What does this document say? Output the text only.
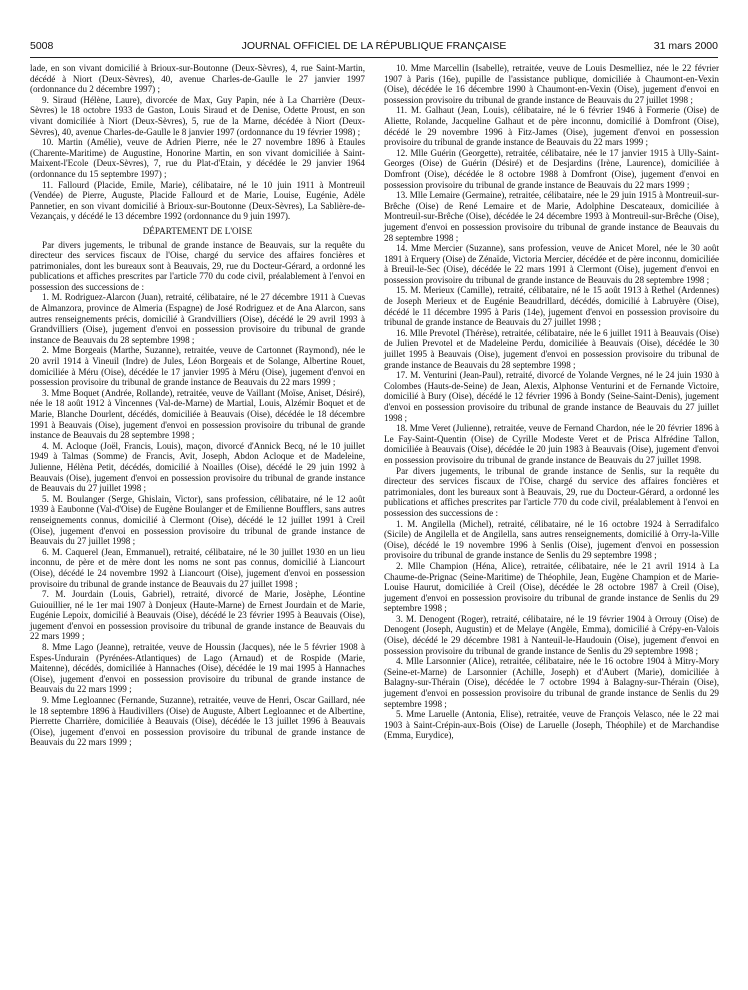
5008	JOURNAL OFFICIEL DE LA RÉPUBLIQUE FRANÇAISE	31 mars 2000

lade, en son vivant domicilié à Brioux-sur-Boutonne (Deux-Sèvres), 4, rue Saint-Martin, décédé à Niort (Deux-Sèvres), 40, avenue Charles-de-Gaulle le 27 janvier 1997 (ordonnance du 2 décembre 1997) ;

9. Siraud (Hélène, Laure), divorcée de Max, Guy Papin, née à La Charrière (Deux-Sèvres) le 18 octobre 1933 de Gaston, Louis Siraud et de Denise, Odette Proust, en son vivant domiciliée à Niort (Deux-Sèvres), 5, rue de la Marne, décédée à Niort (Deux-Sèvres), 40, avenue Charles-de-Gaulle le 8 janvier 1997 (ordonnance du 19 février 1998) ;

10. Martin (Amélie), veuve de Adrien Pierre, née le 27 novembre 1896 à Etaules (Charente-Maritime) de Augustine, Honorine Martin, en son vivant domiciliée à Saint-Maixent-l'Ecole (Deux-Sèvres), 7, rue du Plat-d'Etain, y décédée le 29 janvier 1964 (ordonnance du 15 septembre 1997) ;

11. Fallourd (Placide, Emile, Marie), célibataire, né le 10 juin 1911 à Montreuil (Vendée) de Pierre, Auguste, Placide Fallourd et de Marie, Louise, Eugénie, Adèle Pannetier, en son vivant domicilié à Brioux-sur-Boutonne (Deux-Sèvres), La Sablière-de-Vezançais, y décédé le 13 décembre 1992 (ordonnance du 9 juin 1997).

DÉPARTEMENT DE L'OISE

Par divers jugements, le tribunal de grande instance de Beauvais, sur la requête du directeur des services fiscaux de l'Oise, chargé du service des affaires foncières et patrimoniales, dont les bureaux sont à Beauvais, 29, rue du Docteur-Gérard, a ordonné les publications et affiches prescrites par l'article 770 du code civil, préalablement à l'envoi en possession des successions de :

1. M. Rodriguez-Alarcon (Juan), retraité, célibataire, né le 27 décembre 1911 à Cuevas de Almanzora, province de Almeria (Espagne) de José Rodriguez et de Ana Alarcon, sans autres renseignements précis, domicilié à Grandvilliers (Oise), décédé le 29 avril 1993 à Grandvilliers (Oise), jugement d'envoi en possession provisoire du tribunal de grande instance de Beauvais du 28 septembre 1998 ;

2. Mme Borgeais (Marthe, Suzanne), retraitée, veuve de Cartonnet (Raymond), née le 20 avril 1914 à Vineuil (Indre) de Jules, Léon Borgeais et de Solange, Albertine Rouet, domiciliée à Méru (Oise), décédée le 17 janvier 1995 à Méru (Oise), jugement d'envoi en possession provisoire du tribunal de grande instance de Beauvais du 22 mars 1999 ;

3. Mme Boquet (Andrée, Rollande), retraitée, veuve de Vaillant (Moïse, Aniset, Désiré), née le 18 août 1912 à Vincennes (Val-de-Marne) de Martial, Louis, Alzémir Boquet et de Marie, Blanche Dourlent, décédés, domiciliée à Beauvais (Oise), décédée le 18 décembre 1991 à Beauvais (Oise), jugement d'envoi en possession provisoire du tribunal de grande instance de Beauvais du 28 septembre 1998 ;

4. M. Acloque (Joël, Francis, Louis), maçon, divorcé d'Annick Becq, né le 10 juillet 1949 à Talmas (Somme) de Francis, Avit, Joseph, Abdon Acloque et de Madeleine, Julienne, Hélèna Petit, décédés, domicilié à Noailles (Oise), décédé le 29 juin 1992 à Beauvais (Oise), jugement d'envoi en possession provisoire du tribunal de grande instance de Beauvais du 27 juillet 1998 ;

5. M. Boulanger (Serge, Ghislain, Victor), sans profession, célibataire, né le 12 août 1939 à Eaubonne (Val-d'Oise) de Eugène Boulanger et de Emilienne Boufflers, sans autres renseignements connus, domicilié à Clermont (Oise), décédé le 12 juillet 1991 à Creil (Oise), jugement d'envoi en possession provisoire du tribunal de grande instance de Beauvais du 27 juillet 1998 ;

6. M. Caquerel (Jean, Emmanuel), retraité, célibataire, né le 30 juillet 1930 en un lieu inconnu, de père et de mère dont les noms ne sont pas connus, domicilié à Liancourt (Oise), décédé le 24 novembre 1992 à Liancourt (Oise), jugement d'envoi en possession provisoire du tribunal de grande instance de Beauvais du 27 juillet 1998 ;

7. M. Jourdain (Louis, Gabriel), retraité, divorcé de Marie, Josèphe, Léontine Guiouillier, né le 1er mai 1907 à Donjeux (Haute-Marne) de Ernest Jourdain et de Marie, Eugénie Lepoix, domicilié à Beauvais (Oise), décédé le 23 février 1995 à Beauvais (Oise), jugement d'envoi en possession provisoire du tribunal de grande instance de Beauvais du 22 mars 1999 ;

8. Mme Lago (Jeanne), retraitée, veuve de Houssin (Jacques), née le 5 février 1908 à Espes-Undurain (Pyrénées-Atlantiques) de Lago (Arnaud) et de Rospide (Marie, Maitenne), décédés, domiciliée à Hannaches (Oise), décédée le 19 mai 1995 à Hannaches (Oise), jugement d'envoi en possession provisoire du tribunal de grande instance de Beauvais du 22 mars 1999 ;

9. Mme Legloannec (Fernande, Suzanne), retraitée, veuve de Henri, Oscar Gaillard, née le 18 septembre 1896 à Haudivillers (Oise) de Auguste, Albert Legloannec et de Albertine, Pierrette Charrière, domiciliée à Beauvais (Oise), décédée le 13 juillet 1996 à Beauvais (Oise), jugement d'envoi en possession provisoire du tribunal de grande instance de Beauvais du 22 mars 1999 ;

10. Mme Marcellin (Isabelle), retraitée, veuve de Louis Desmelliez, née le 22 février 1907 à Paris (16e), pupille de l'assistance publique, domiciliée à Chaumont-en-Vexin (Oise), décédée le 16 décembre 1990 à Chaumont-en-Vexin (Oise), jugement d'envoi en possession provisoire du tribunal de grande instance de Beauvais du 27 juillet 1998 ;

11. M. Galhaut (Jean, Louis), célibataire, né le 6 février 1946 à Formerie (Oise) de Aliette, Rolande, Jacqueline Galhaut et de père inconnu, domicilié à Domfront (Oise), décédé le 29 novembre 1996 à Fitz-James (Oise), jugement d'envoi en possession provisoire du tribunal de grande instance de Beauvais du 22 mars 1999 ;

12. Mlle Guérin (Georgette), retraitée, célibataire, née le 17 janvier 1915 à Ully-Saint-Georges (Oise) de Guérin (Désiré) et de Desjardins (Irène, Laurence), domiciliée à Domfront (Oise), décédée le 8 octobre 1988 à Domfront (Oise), jugement d'envoi en possession provisoire du tribunal de grande instance de Beauvais du 22 mars 1999 ;

13. Mlle Lemaire (Germaine), retraitée, célibataire, née le 29 juin 1915 à Montreuil-sur-Brêche (Oise) de René Lemaire et de Marie, Adolphine Descateaux, domiciliée à Montreuil-sur-Brêche (Oise), décédée le 24 décembre 1993 à Montreuil-sur-Brêche (Oise), jugement d'envoi en possession provisoire du tribunal de grande instance de Beauvais du 28 septembre 1998 ;

14. Mme Mercier (Suzanne), sans profession, veuve de Anicet Morel, née le 30 août 1891 à Erquery (Oise) de Zénaïde, Victoria Mercier, décédée et de père inconnu, domiciliée à Breuil-le-Sec (Oise), décédée le 22 mars 1991 à Clermont (Oise), jugement d'envoi en possession provisoire du tribunal de grande instance de Beauvais du 28 septembre 1998 ;

15. M. Merieux (Camille), retraité, célibataire, né le 15 août 1913 à Rethel (Ardennes) de Joseph Merieux et de Eugénie Beaudrillard, décédés, domicilié à Labruyère (Oise), décédé le 11 décembre 1995 à Paris (14e), jugement d'envoi en possession provisoire du tribunal de grande instance de Beauvais du 27 juillet 1998 ;

16. Mlle Prevotel (Thérèse), retraitée, célibataire, née le 6 juillet 1911 à Beauvais (Oise) de Julien Prevotel et de Madeleine Perdu, domiciliée à Beauvais (Oise), décédée le 30 juillet 1995 à Beauvais (Oise), jugement d'envoi en possession provisoire du tribunal de grande instance de Beauvais du 28 septembre 1998 ;

17. M. Venturini (Jean-Paul), retraité, divorcé de Yolande Vergnes, né le 24 juin 1930 à Colombes (Hauts-de-Seine) de Jean, Alexis, Alphonse Venturini et de Fernande Victoire, domicilié à Bury (Oise), décédé le 12 février 1996 à Bondy (Seine-Saint-Denis), jugement d'envoi en possession provisoire du tribunal de grande instance de Beauvais du 27 juillet 1998 ;

18. Mme Veret (Julienne), retraitée, veuve de Fernand Chardon, née le 20 février 1896 à Le Fay-Saint-Quentin (Oise) de Cyrille Modeste Veret et de Prisca Alfrédine Tallon, domiciliée à Beauvais (Oise), décédée le 20 juin 1983 à Beauvais (Oise), jugement d'envoi en possession provisoire du tribunal de grande instance de Beauvais du 27 juillet 1998.

Par divers jugements, le tribunal de grande instance de Senlis, sur la requête du directeur des services fiscaux de l'Oise, chargé du service des affaires foncières et patrimoniales, dont les bureaux sont à Beauvais, 29, rue du Docteur-Gérard, a ordonné les publications et affiches prescrites par l'article 770 du code civil, préalablement à l'envoi en possession des successions de :

1. M. Angilella (Michel), retraité, célibataire, né le 16 octobre 1924 à Serradifalco (Sicile) de Angilella et de Angilella, sans autres renseignements, domicilié à Orry-la-Ville (Oise), décédé le 19 novembre 1996 à Senlis (Oise), jugement d'envoi en possession provisoire du tribunal de grande instance de Senlis du 29 septembre 1998 ;

2. Mlle Champion (Héna, Alice), retraitée, célibataire, née le 21 avril 1914 à La Chaume-de-Prignac (Seine-Maritime) de Théophile, Jean, Eugène Champion et de Marie-Louise Haurut, domiciliée à Creil (Oise), décédée le 28 octobre 1987 à Creil (Oise), jugement d'envoi en possession provisoire du tribunal de grande instance de Senlis du 29 septembre 1998 ;

3. M. Denogent (Roger), retraité, célibataire, né le 19 février 1904 à Orrouy (Oise) de Denogent (Joseph, Augustin) et de Melaye (Angèle, Emma), domicilié à Crépy-en-Valois (Oise), décédé le 29 décembre 1981 à Nanteuil-le-Haudouin (Oise), jugement d'envoi en possession provisoire du tribunal de grande instance de Senlis du 29 septembre 1998 ;

4. Mlle Larsonnier (Alice), retraitée, célibataire, née le 16 octobre 1904 à Mitry-Mory (Seine-et-Marne) de Larsonnier (Achille, Joseph) et d'Aubert (Marie), domiciliée à Balagny-sur-Thérain (Oise), décédée le 7 octobre 1994 à Balagny-sur-Thérain (Oise), jugement d'envoi en possession provisoire du tribunal de grande instance de Senlis du 29 septembre 1998 ;

5. Mme Laruelle (Antonia, Elise), retraitée, veuve de François Velasco, née le 22 mai 1903 à Saint-Crépin-aux-Bois (Oise) de Laruelle (Joseph, Théophile) et de Marchandise (Emma, Eurydice),
